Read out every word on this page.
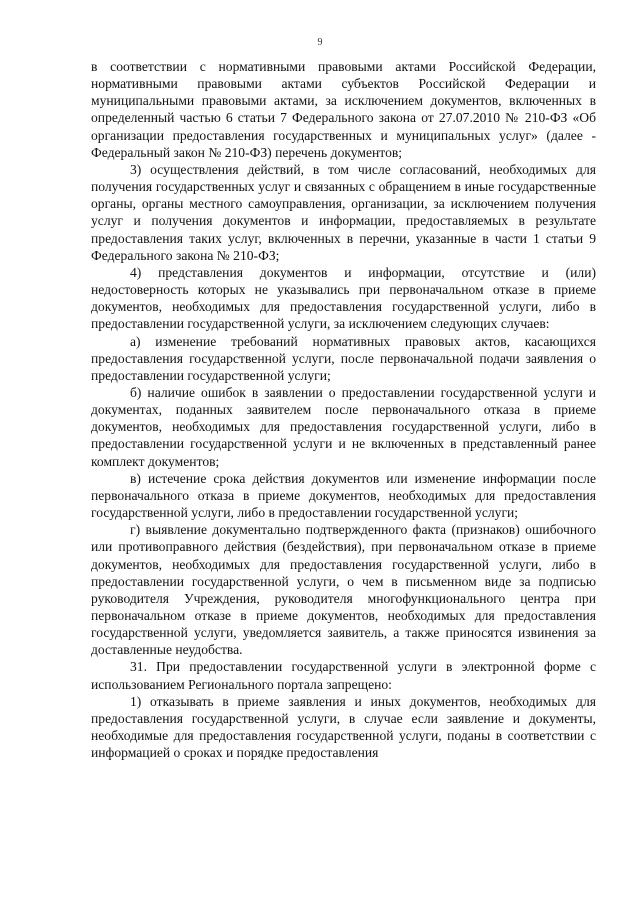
9

в соответствии с нормативными правовыми актами Российской Федерации, нормативными правовыми актами субъектов Российской Федерации и муниципальными правовыми актами, за исключением документов, включенных в определенный частью 6 статьи 7 Федерального закона от 27.07.2010 № 210-ФЗ «Об организации предоставления государственных и муниципальных услуг» (далее - Федеральный закон № 210-ФЗ) перечень документов;

3) осуществления действий, в том числе согласований, необходимых для получения государственных услуг и связанных с обращением в иные государственные органы, органы местного самоуправления, организации, за исключением получения услуг и получения документов и информации, предоставляемых в результате предоставления таких услуг, включенных в перечни, указанные в части 1 статьи 9 Федерального закона № 210-ФЗ;

4) представления документов и информации, отсутствие и (или) недостоверность которых не указывались при первоначальном отказе в приеме документов, необходимых для предоставления государственной услуги, либо в предоставлении государственной услуги, за исключением следующих случаев:

а) изменение требований нормативных правовых актов, касающихся предоставления государственной услуги, после первоначальной подачи заявления о предоставлении государственной услуги;

б) наличие ошибок в заявлении о предоставлении государственной услуги и документах, поданных заявителем после первоначального отказа в приеме документов, необходимых для предоставления государственной услуги, либо в предоставлении государственной услуги и не включенных в представленный ранее комплект документов;

в) истечение срока действия документов или изменение информации после первоначального отказа в приеме документов, необходимых для предоставления государственной услуги, либо в предоставлении государственной услуги;

г) выявление документально подтвержденного факта (признаков) ошибочного или противоправного действия (бездействия), при первоначальном отказе в приеме документов, необходимых для предоставления государственной услуги, либо в предоставлении государственной услуги, о чем в письменном виде за подписью руководителя Учреждения, руководителя многофункционального центра при первоначальном отказе в приеме документов, необходимых для предоставления государственной услуги, уведомляется заявитель, а также приносятся извинения за доставленные неудобства.

31. При предоставлении государственной услуги в электронной форме с использованием Регионального портала запрещено:

1) отказывать в приеме заявления и иных документов, необходимых для предоставления государственной услуги, в случае если заявление и документы, необходимые для предоставления государственной услуги, поданы в соответствии с информацией о сроках и порядке предоставления
